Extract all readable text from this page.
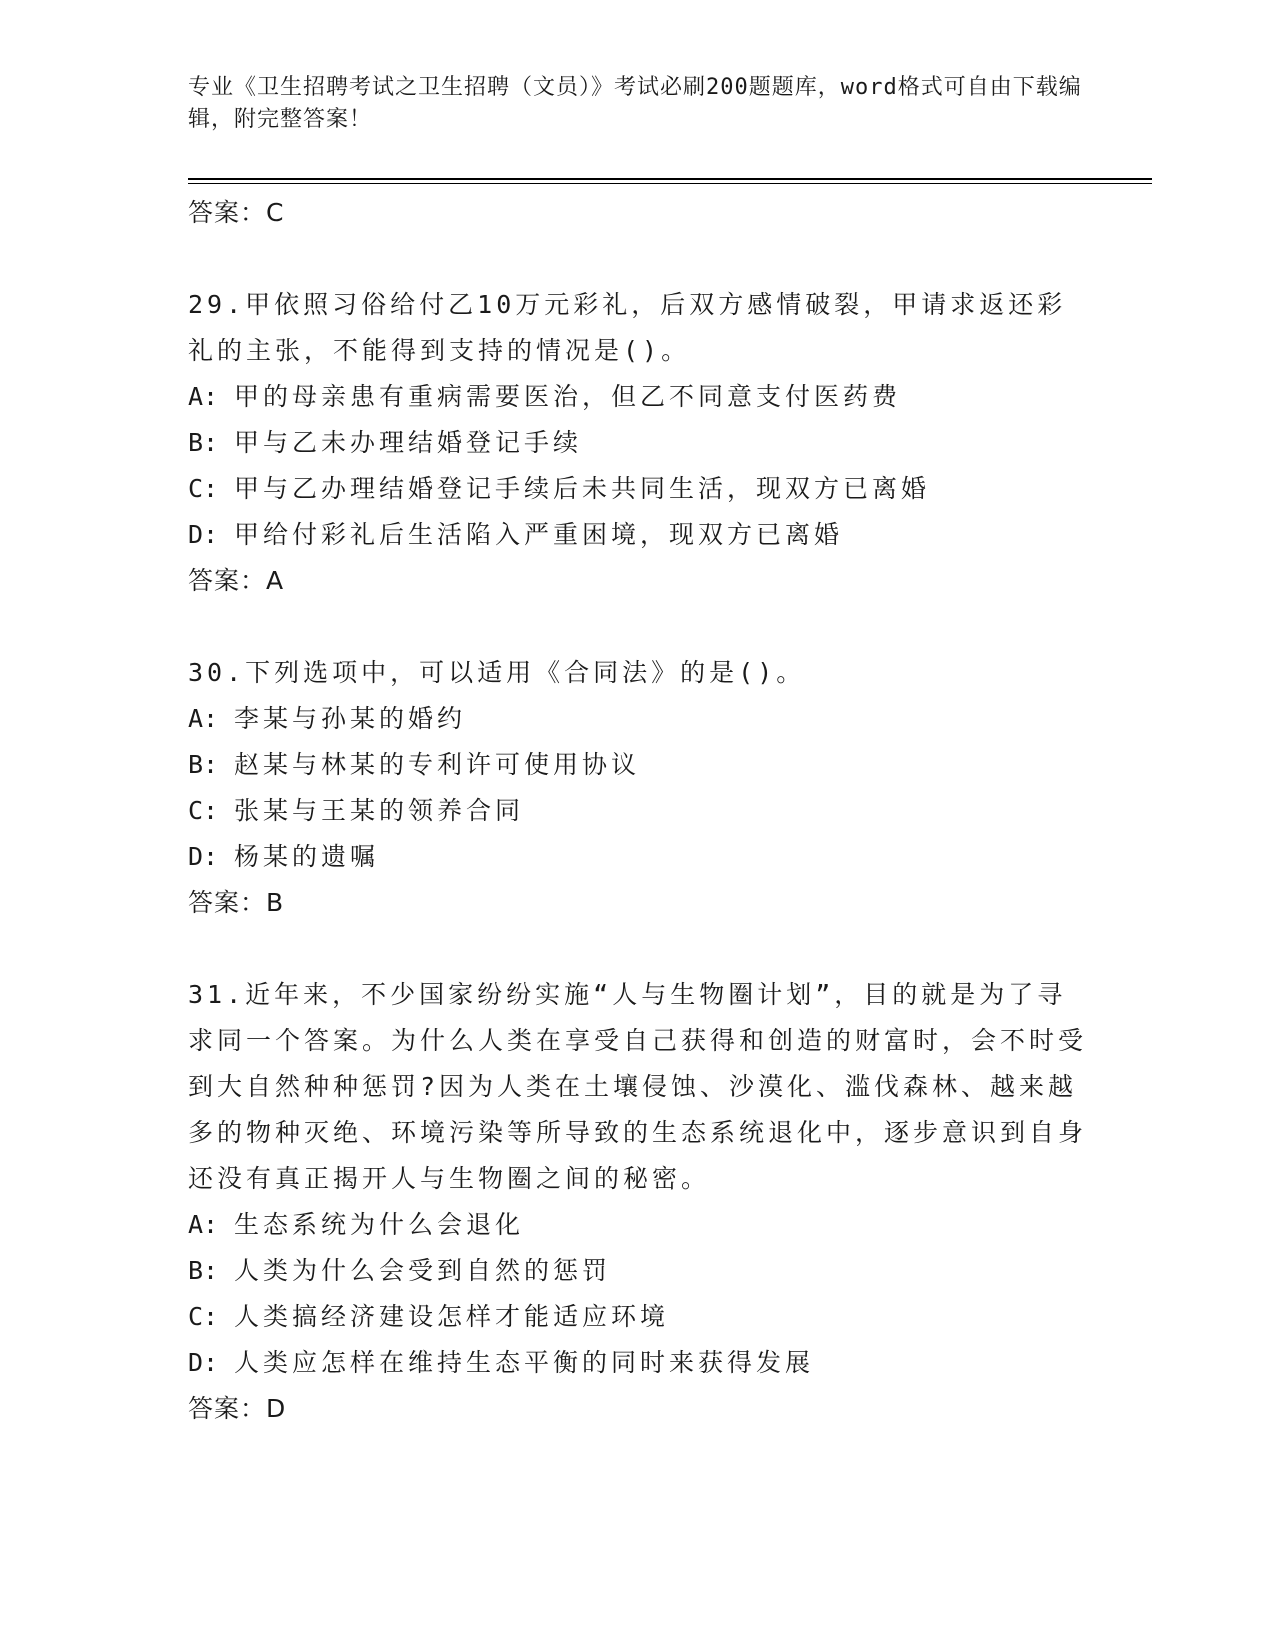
专业《卫生招聘考试之卫生招聘（文员）》考试必刷200题题库，word格式可自由下载编辑，附完整答案！
答案：C
29.甲依照习俗给付乙10万元彩礼，后双方感情破裂，甲请求返还彩礼的主张，不能得到支持的情况是()。
A: 甲的母亲患有重病需要医治，但乙不同意支付医药费
B: 甲与乙未办理结婚登记手续
C: 甲与乙办理结婚登记手续后未共同生活，现双方已离婚
D: 甲给付彩礼后生活陷入严重困境，现双方已离婚
答案：A
30.下列选项中，可以适用《合同法》的是()。
A: 李某与孙某的婚约
B: 赵某与林某的专利许可使用协议
C: 张某与王某的领养合同
D: 杨某的遗嘱
答案：B
31.近年来，不少国家纷纷实施“人与生物圈计划”，目的就是为了寻求同一个答案。为什么人类在享受自己获得和创造的财富时，会不时受到大自然种种惩罚?因为人类在土壤侵蚀、沙漠化、滥伐森林、越来越多的物种灭绝、环境污染等所导致的生态系统退化中，逐步意识到自身还没有真正揭开人与生物圈之间的秘密。
A: 生态系统为什么会退化
B: 人类为什么会受到自然的惩罚
C: 人类搞经济建设怎样才能适应环境
D: 人类应怎样在维持生态平衡的同时来获得发展
答案：D
